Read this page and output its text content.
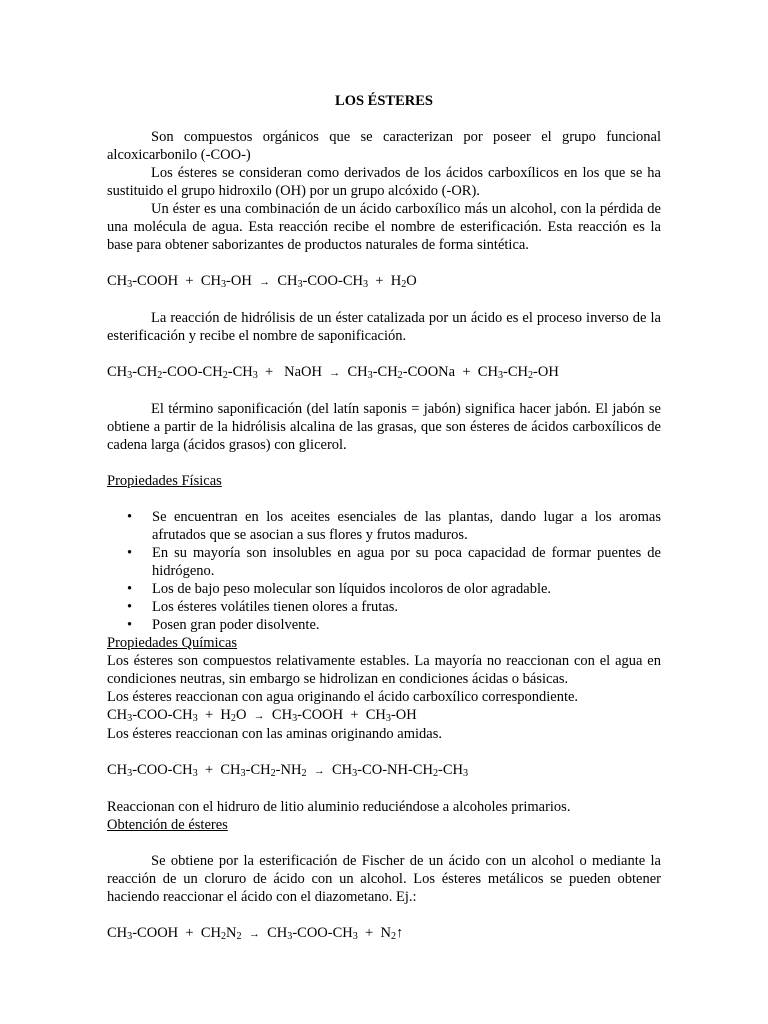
LOS ÉSTERES

Son compuestos orgánicos que se caracterizan por poseer el grupo funcional alcoxicarbonilo (-COO-)

Los ésteres se consideran como derivados de los ácidos carboxílicos en los que se ha sustituido el grupo hidroxilo (OH) por un grupo alcóxido (-OR).

Un éster es una combinación de un ácido carboxílico más un alcohol, con la pérdida de una molécula de agua. Esta reacción recibe el nombre de esterificación. Esta reacción es la base para obtener saborizantes de productos naturales de forma sintética.

$CH_3$-COOH + $CH_3-OH \to CH_3-COO-CH_3 + H_2O$

La reacción de hidrólisis de un éster catalizada por un ácido es el proceso inverso de la esterificación y recibe el nombre de saponificación.

$CH_3-CH_2-COO-CH_2-CH_3$ + NaOH → $CH_3-CH_2$-COONa + $CH_3-CH_2-OH$

El término saponificación (del latín saponis = jabón) significa hacer jabón. El jabón se obtiene a partir de la hidrólisis alcalina de las grasas, que son ésteres de ácidos carboxílicos de cadena larga (ácidos grasos) con glicerol.

Propiedades Físicas

• Se encuentran en los aceites esenciales de las plantas, dando lugar a los aromas afrutados que se asocian a sus flores y frutos maduros.
• En su mayoría son insolubles en agua por su poca capacidad de formar puentes de hidrógeno.
• Los de bajo peso molecular son líquidos incoloros de olor agradable.
• Los ésteres volátiles tienen olores a frutas.
• Posen gran poder disolvente.

Propiedades Químicas

Los ésteres son compuestos relativamente estables. La mayoría no reaccionan con el agua en condiciones neutras, sin embargo se hidrolizan en condiciones ácidas o básicas.

Los ésteres reaccionan con agua originando el ácido carboxílico correspondiente.

$CH_3-COO-CH_3 + H_2O$ → $CH_3$-COOH + $CH_3-OH$

Los ésteres reaccionan con las aminas originando amidas.

$CH_3-COO-CH_3 + CH_3-CH_2-NH_2 \to CH_3-CO-NH-CH_2-CH_3$

Reaccionan con el hidruro de litio aluminio reduciéndose a alcoholes primarios.

Obtención de ésteres

Se obtiene por la esterificación de Fischer de un ácido con un alcohol o mediante la reacción de un cloruro de ácido con un alcohol. Los ésteres metálicos se pueden obtener haciendo reaccionar el ácido con el diazometano. Ej.:

$CH_3$-COOH + $CH_2N_2 \to CH_3-COO-CH_3$ + $N_2↑$
